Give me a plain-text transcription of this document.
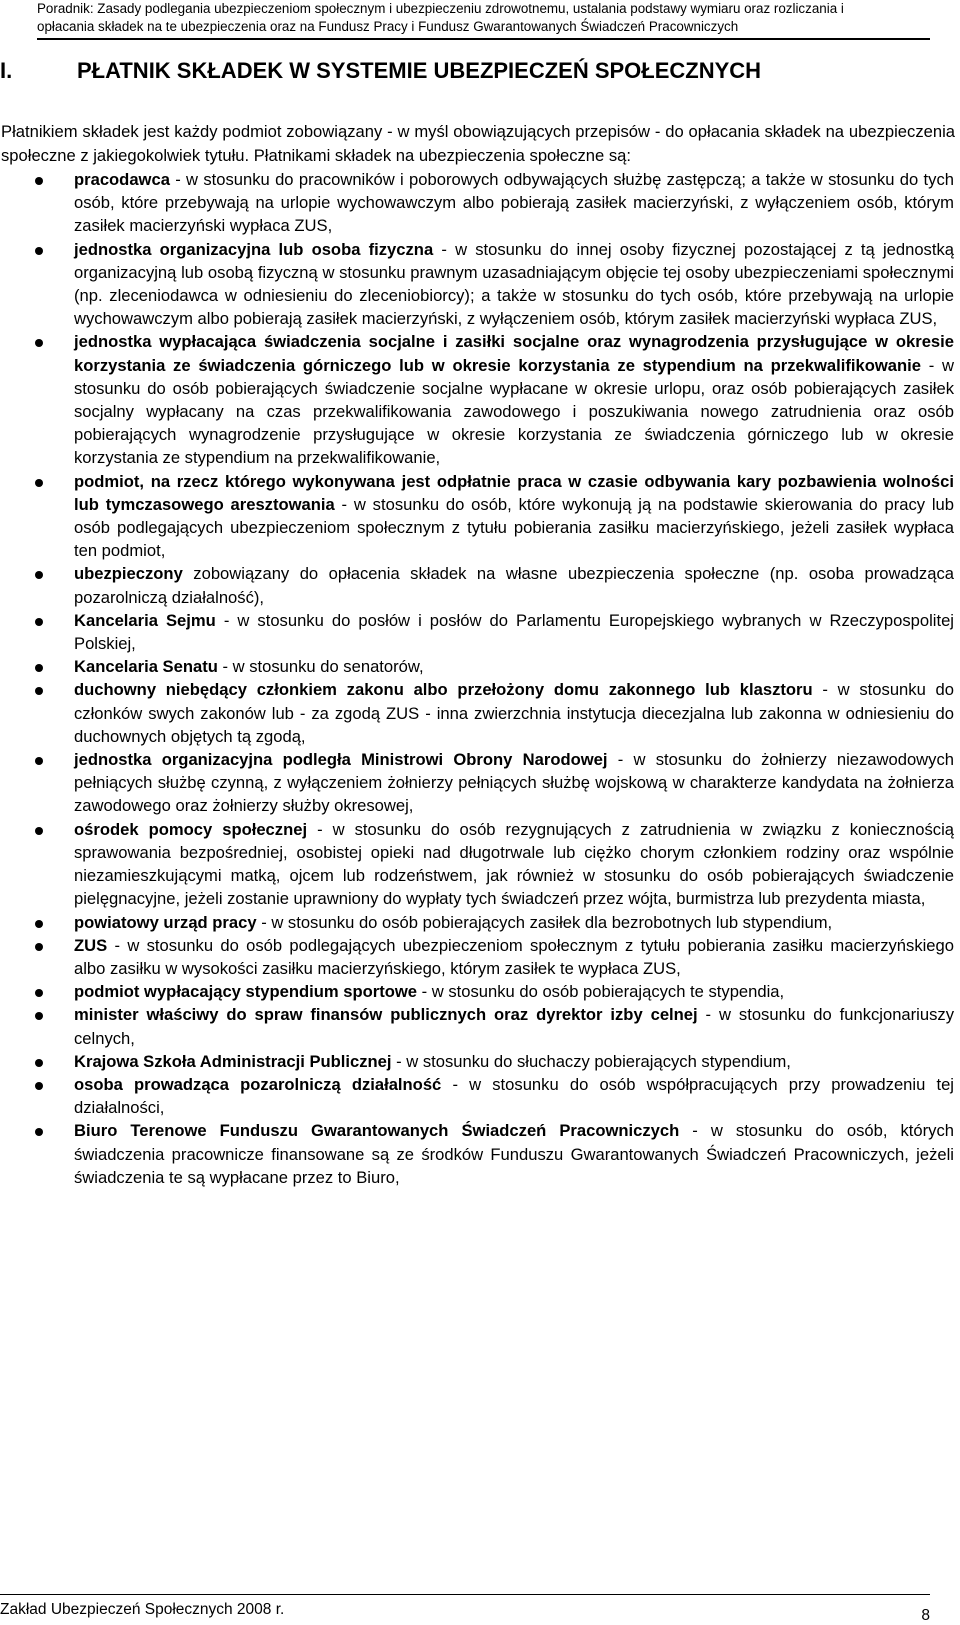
Poradnik: Zasady podlegania ubezpieczeniom społecznym i ubezpieczeniu zdrowotnemu, ustalania podstawy wymiaru oraz rozliczania i
opłacania składek na te ubezpieczenia oraz na Fundusz Pracy i Fundusz Gwarantowanych Świadczeń Pracowniczych
I.	PŁATNIK SKŁADEK W SYSTEMIE UBEZPIECZEŃ SPOŁECZNYCH

Płatnikiem składek jest każdy podmiot zobowiązany - w myśl obowiązujących przepisów - do opłacania składek na ubezpieczenia społeczne z jakiegokolwiek tytułu. Płatnikami składek na ubezpieczenia społeczne są:

pracodawca - w stosunku do pracowników i poborowych odbywających służbę zastępczą; a także w stosunku do tych osób, które przebywają na urlopie wychowawczym albo pobierają zasiłek macierzyński, z wyłączeniem osób, którym zasiłek macierzyński wypłaca ZUS,
jednostka organizacyjna lub osoba fizyczna - w stosunku do innej osoby fizycznej pozostającej z tą jednostką organizacyjną lub osobą fizyczną w stosunku prawnym uzasadniającym objęcie tej osoby ubezpieczeniami społecznymi (np. zleceniodawca w odniesieniu do zleceniobiorcy); a także w stosunku do tych osób, które przebywają na urlopie wychowawczym albo pobierają zasiłek macierzyński, z wyłączeniem osób, którym zasiłek macierzyński wypłaca ZUS,
jednostka wypłacająca świadczenia socjalne i zasiłki socjalne oraz wynagrodzenia przysługujące w okresie korzystania ze świadczenia górniczego lub w okresie korzystania ze stypendium na przekwalifikowanie - w stosunku do osób pobierających świadczenie socjalne wypłacane w okresie urlopu, oraz osób pobierających zasiłek socjalny wypłacany na czas przekwalifikowania zawodowego i poszukiwania nowego zatrudnienia oraz osób pobierających wynagrodzenie przysługujące w okresie korzystania ze świadczenia górniczego lub w okresie korzystania ze stypendium na przekwalifikowanie,
podmiot, na rzecz którego wykonywana jest odpłatnie praca w czasie odbywania kary pozbawienia wolności lub tymczasowego aresztowania - w stosunku do osób, które wykonują ją na podstawie skierowania do pracy lub osób podlegających ubezpieczeniom społecznym z tytułu pobierania zasiłku macierzyńskiego, jeżeli zasiłek wypłaca ten podmiot,
ubezpieczony zobowiązany do opłacenia składek na własne ubezpieczenia społeczne (np. osoba prowadząca pozarolniczą działalność),
Kancelaria Sejmu - w stosunku do posłów i posłów do Parlamentu Europejskiego wybranych w Rzeczypospolitej Polskiej,
Kancelaria Senatu - w stosunku do senatorów,
duchowny niebędący członkiem zakonu albo przełożony domu zakonnego lub klasztoru - w stosunku do członków swych zakonów lub - za zgodą ZUS - inna zwierzchnia instytucja diecezjalna lub zakonna w odniesieniu do duchownych objętych tą zgodą,
jednostka organizacyjna podległa Ministrowi Obrony Narodowej - w stosunku do żołnierzy niezawodowych pełniących służbę czynną, z wyłączeniem żołnierzy pełniących służbę wojskową w charakterze kandydata na żołnierza zawodowego oraz żołnierzy służby okresowej,
ośrodek pomocy społecznej - w stosunku do osób rezygnujących z zatrudnienia w związku z koniecznością sprawowania bezpośredniej, osobistej opieki nad długotrwale lub ciężko chorym członkiem rodziny oraz wspólnie niezamieszkującymi matką, ojcem lub rodzeństwem, jak również w stosunku do osób pobierających świadczenie pielęgnacyjne, jeżeli zostanie uprawniony do wypłaty tych świadczeń przez wójta, burmistrza lub prezydenta miasta,
powiatowy urząd pracy - w stosunku do osób pobierających zasiłek dla bezrobotnych lub stypendium,
ZUS - w stosunku do osób podlegających ubezpieczeniom społecznym z tytułu pobierania zasiłku macierzyńskiego albo zasiłku w wysokości zasiłku macierzyńskiego, którym zasiłek te wypłaca ZUS,
podmiot wypłacający stypendium sportowe - w stosunku do osób pobierających te stypendia,
minister właściwy do spraw finansów publicznych oraz dyrektor izby celnej - w stosunku do funkcjonariuszy celnych,
Krajowa Szkoła Administracji Publicznej - w stosunku do słuchaczy pobierających stypendium,
osoba prowadząca pozarolniczą działalność - w stosunku do osób współpracujących przy prowadzeniu tej działalności,
Biuro Terenowe Funduszu Gwarantowanych Świadczeń Pracowniczych - w stosunku do osób, których świadczenia pracownicze finansowane są ze środków Funduszu Gwarantowanych Świadczeń Pracowniczych, jeżeli świadczenia te są wypłacane przez to Biuro,
Zakład Ubezpieczeń Społecznych 2008 r.	8
